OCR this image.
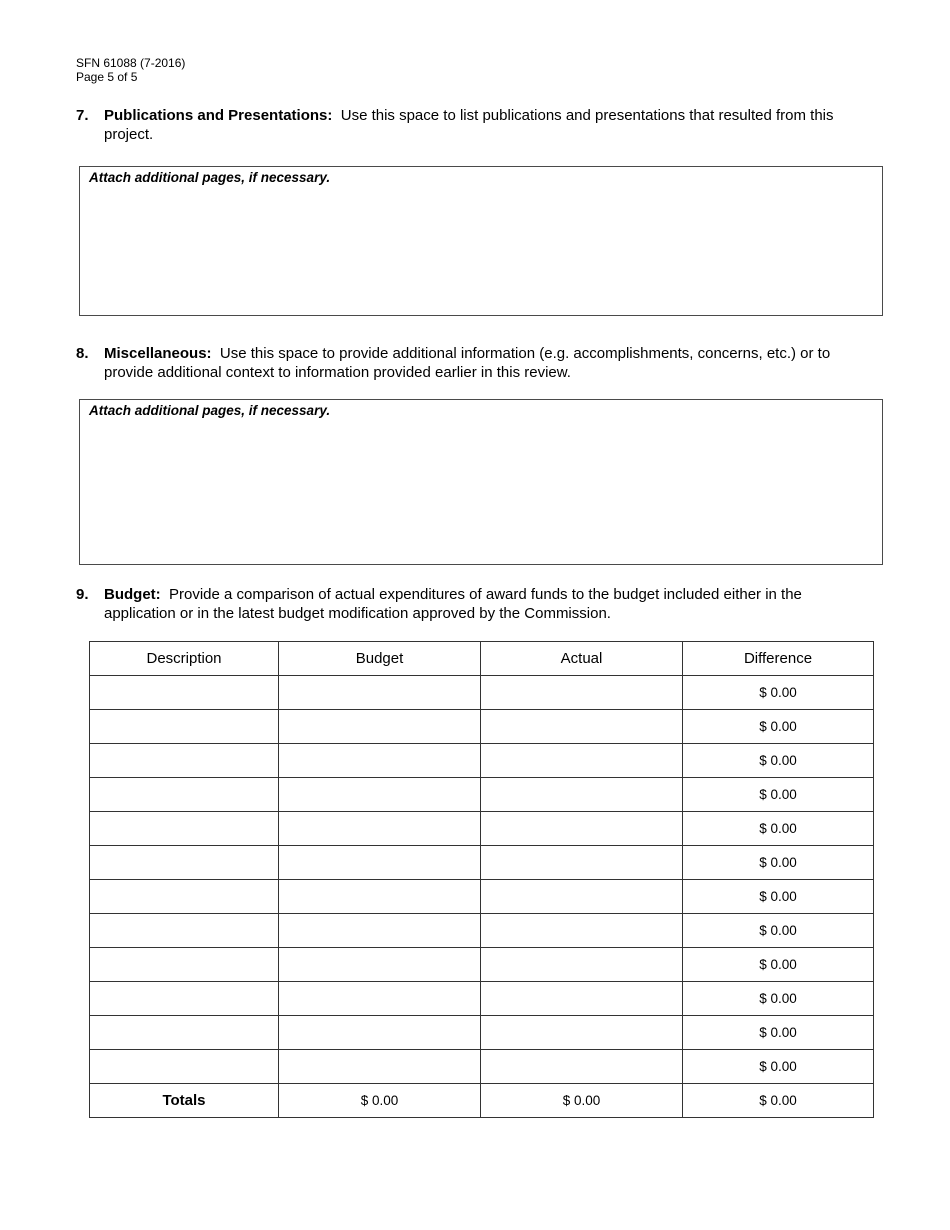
SFN 61088 (7-2016)
Page 5 of 5
7. Publications and Presentations: Use this space to list publications and presentations that resulted from this project.
Attach additional pages, if necessary.
8. Miscellaneous: Use this space to provide additional information (e.g. accomplishments, concerns, etc.) or to provide additional context to information provided earlier in this review.
Attach additional pages, if necessary.
9. Budget: Provide a comparison of actual expenditures of award funds to the budget included either in the application or in the latest budget modification approved by the Commission.
Description	Budget	Actual	Difference
			$ 0.00
			$ 0.00
			$ 0.00
			$ 0.00
			$ 0.00
			$ 0.00
			$ 0.00
			$ 0.00
			$ 0.00
			$ 0.00
			$ 0.00
			$ 0.00
Totals	$ 0.00	$ 0.00	$ 0.00
